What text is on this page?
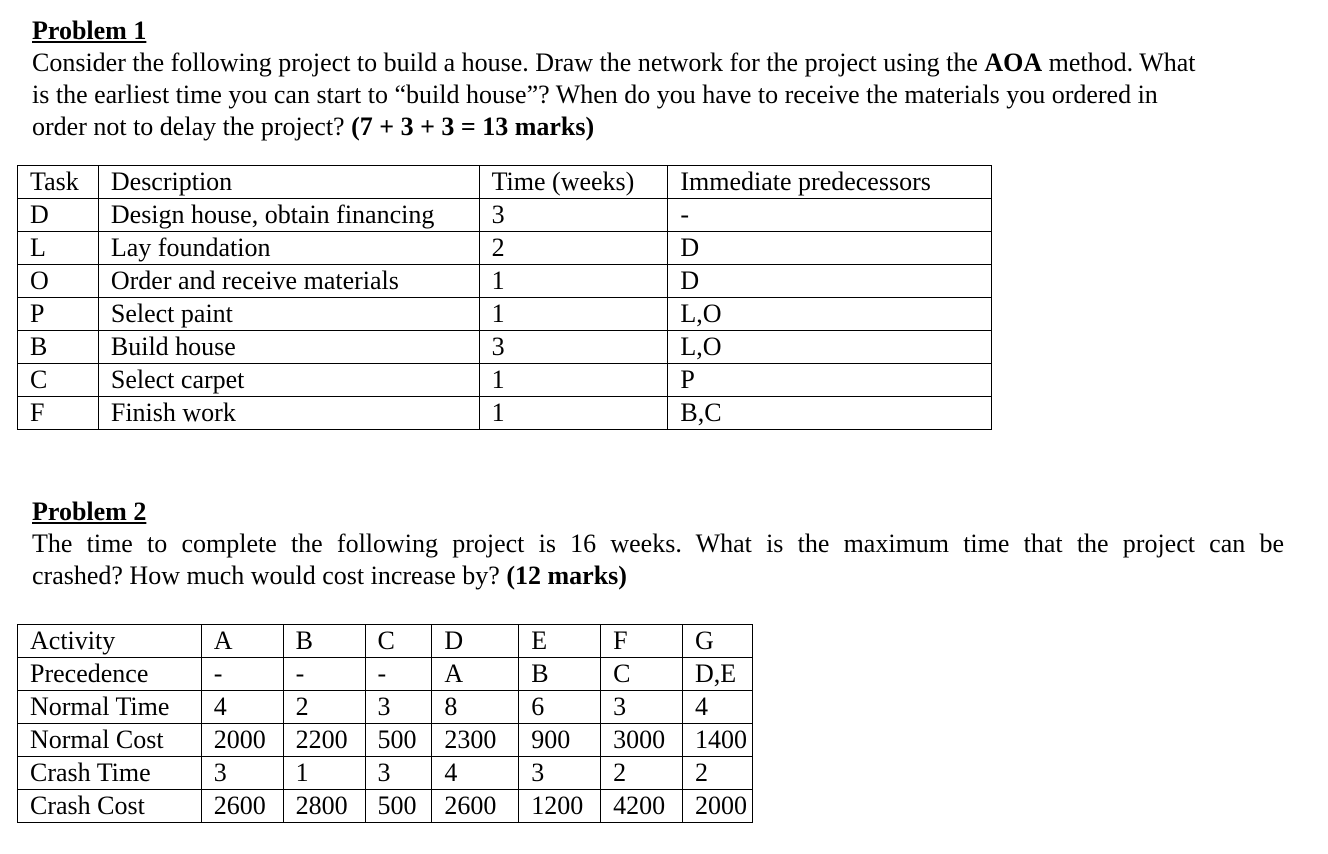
Problem 1
Consider the following project to build a house. Draw the network for the project using the AOA method. What
is the earliest time you can start to “build house”? When do you have to receive the materials you ordered in
order not to delay the project? (7 + 3 + 3 = 13 marks)
Task	Description	Time (weeks)	Immediate predecessors
D	Design house, obtain financing	3	-
L	Lay foundation	2	D
O	Order and receive materials	1	D
P	Select paint	1	L,O
B	Build house	3	L,O
C	Select carpet	1	P
F	Finish work	1	B,C
Problem 2
The time to complete the following project is 16 weeks. What is the maximum time that the project can be
crashed? How much would cost increase by? (12 marks)
Activity	A	B	C	D	E	F	G
Precedence	-	-	-	A	B	C	D,E
Normal Time	4	2	3	8	6	3	4
Normal Cost	2000	2200	500	2300	900	3000	1400
Crash Time	3	1	3	4	3	2	2
Crash Cost	2600	2800	500	2600	1200	4200	2000
